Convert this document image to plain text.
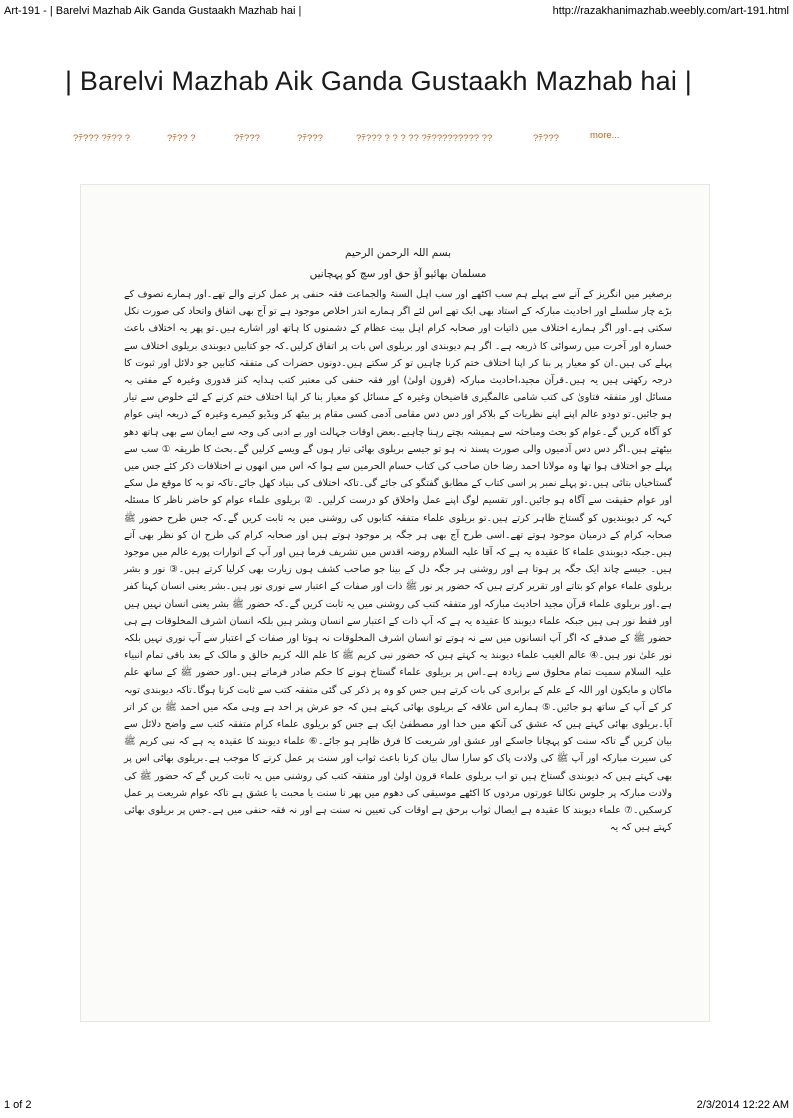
Art-191 - | Barelvi Mazhab Aik Ganda Gustaakh Mazhab hai |	http://razakhanimazhab.weebly.com/art-191.html
| Barelvi Mazhab Aik Ganda Gustaakh Mazhab hai |
?ﾃ??? ?ﾃ?? ?	?ﾃ?? ?	?ﾃ???	?ﾃ???	?ﾃ??? ? ? ? ?? ?ﾃ????????? ??	?ﾃ???	more...
بسم اللہ الرحمن الرحیم
مسلمان بھائیو آؤ حق اور سچ کو پہچانیں

برصغیر میں انگریز کے آنے سے پہلے ہم سب اکٹھے اور سب اہل السنۃ والجماعت فقہ حنفی پر عمل کرنے والے تھے۔اور ہمارے تصوف کے بڑے چار سلسلے اور احادیث مبارکہ کے استاد بھی ایک تھے اس لئے اگر ہمارے اندر اخلاص موجود ہے تو آج بھی اتفاق واتحاد کی صورت نکل سکتی ہے۔اور اگر ہمارے اختلاف میں ذاتیات اور صحابہ کرام اہل بیت عظام کے دشمنوں کا ہاتھ اور اشارے ہیں۔تو پھر یہ اختلاف باعث خسارہ اور آخرت میں رسوائی کا ذریعہ ہے۔ اگر ہم دیوبندی اور بریلوی اس بات پر اتفاق کرلیں۔کہ جو کتابیں دیوبندی بریلوی اختلاف سے پہلے کی ہیں۔ان کو معیار پر بنا کر اپنا اختلاف ختم کرنا چاہیں تو کر سکتے ہیں۔دونوں حضرات کی متفقہ کتابیں جو دلائل اور ثبوت کا درجہ رکھتی ہیں یہ ہیں۔قرآن مجید،احادیث مبارکہ (قرون اولیٰ) اور فقہ حنفی کی معتبر کتب ہدایہ کنز قدوری وغیرہ کے مفتی بہ مسائل اور متفقہ فتاویٰ کی کتب شامی عالمگیری قاضیخان وغیرہ کے مسائل کو معیار بنا کر اپنا اختلاف ختم کرنے کے لئے خلوص سے تیار ہو جائیں۔تو دودو عالم اپنے اپنے نظریات کے بلاکر اور دس دس مقامی آدمی کسی مقام پر بیٹھ کر ویڈیو کیمرے وغیرہ کے ذریعہ اپنی عوام کو آگاہ کریں گے۔عوام کو بحث ومباحثہ سے ہمیشہ بچتے رہنا چاہیے۔بعض اوقات جہالت اور بے ادبی کی وجہ سے ایمان سے بھی ہاتھ دھو بیٹھتے ہیں۔اگر دس دس آدمیوں والی صورت پسند نہ ہو تو جیسے بریلوی بھائی تیار ہوں گے ویسے کرلیں گے۔بحث کا طریقہ ① سب سے پہلے جو اختلاف ہوا تھا وہ مولانا احمد رضا خان صاحب کی کتاب حسام الحرمین سے ہوا کہ اس میں انھوں نے اختلافات ذکر کئے جس میں گستاخیاں بتائی ہیں۔تو پہلے نمبر پر اسی کتاب کے مطابق گفتگو کی جائے گی۔تاکہ اختلاف کی بنیاد کھل جائے۔تاکہ تو بہ کا موقع مل سکے اور عوام حقیقت سے آگاہ ہو جائیں۔اور تقسیم لوگ اپنے عمل واخلاق کو درست کرلیں۔ ② بریلوی علماء عوام کو حاضر ناظر کا مسئلہ کہہ کر دیوبندیوں کو گستاخ ظاہر کرتے ہیں۔تو بریلوی علماء متفقہ کتابوں کی روشنی میں یہ ثابت کریں گے۔کہ جس طرح حضور ﷺ صحابہ کرام کے درمیان موجود ہوتے تھے۔اسی طرح آج بھی ہر جگہ پر موجود ہوتے ہیں اور صحابہ کرام کی طرح ان کو نظر بھی آتے ہیں۔جبکہ دیوبندی علماء کا عقیدہ یہ ہے کہ آقا علیہ السلام روضہ اقدس میں تشریف فرما ہیں اور آپ کے انوارات پورے عالم میں موجود ہیں۔ جیسے چاند ایک جگہ پر ہوتا ہے اور روشنی ہر جگہ دل کے بینا جو صاحب کشف ہوں زیارت بھی کرلیا کرتے ہیں۔③ نور و بشر بریلوی علماء عوام کو بتاتے اور تقریر کرتے ہیں کہ حضور پر نور ﷺ ذات اور صفات کے اعتبار سے نوری نور ہیں۔بشر یعنی انسان کہنا کفر ہے۔اور بریلوی علماء قرآن مجید احادیث مبارکہ اور متفقہ کتب کی روشنی میں یہ ثابت کریں گے۔کہ حضور ﷺ بشر یعنی انسان نہیں ہیں اور فقط نور ہی ہیں جبکہ علماء دیوبند کا عقیدہ یہ ہے کہ آپ ذات کے اعتبار سے انسان وبشر ہیں بلکہ انسان اشرف المخلوقات ہے ہی حضور ﷺ کے صدقے کہ اگر آپ انسانوں میں سے نہ ہوتے تو انسان اشرف المخلوقات نہ ہوتا اور صفات کے اعتبار سے آپ نوری نہیں بلکہ نور علیٰ نور ہیں۔④ عالم الغیب علماء دیوبند یہ کہتے ہیں کہ حضور نبی کریم ﷺ کا علم اللہ کریم خالق و مالک کے بعد باقی تمام انبیاء علیہ السلام سمیت تمام مخلوق سے زیادہ ہے۔اس پر بریلوی علماء گستاخ ہونے کا حکم صادر فرماتے ہیں۔اور حضور ﷺ کے ساتھ علم ماکان و مایکون اور اللہ کے علم کے برابری کی بات کرتے ہیں جس کو وہ پر ذکر کی گئی متفقہ کتب سے ثابت کرنا ہوگا۔تاکہ دیوبندی توبہ کر کے آپ کے ساتھ ہو جائیں۔⑤ ہمارے اس علاقہ کے بریلوی بھائی کہتے ہیں کہ جو عرش پر احد ہے وہی مکہ میں احمد ﷺ بن کر اتر آیا۔بریلوی بھائی کہتے ہیں کہ عشق کی آنکھ میں خدا اور مصطفیٰ ایک ہے جس کو بریلوی علماء کرام متفقہ کتب سے واضح دلائل سے بیان کریں گے تاکہ سنت کو پہچانا جاسکے اور عشق اور شریعت کا فرق ظاہر ہو جائے۔⑥ علماء دیوبند کا عقیدہ یہ ہے کہ نبی کریم ﷺ کی سیرت مبارکہ اور آپ ﷺ کی ولادت پاک کو سارا سال بیان کرنا باعث ثواب اور سنت پر عمل کرنے کا موجب ہے۔بریلوی بھائی اس پر بھی کہتے ہیں کہ دیوبندی گستاخ ہیں تو اب بریلوی علماء قرون اولیٰ اور متفقہ کتب کی روشنی میں یہ ثابت کریں گے کہ حضور ﷺ کی ولادت مبارکہ پر جلوس نکالنا عورتوں مردوں کا اکٹھے موسیقی کی دھوم میں پھر نا سنت یا محبت یا عشق ہے تاکہ عوام شریعت پر عمل کرسکیں۔⑦ علماء دیوبند کا عقیدہ ہے ایصال ثواب برحق ہے اوقات کی تعیین نہ سنت ہے اور نہ فقہ حنفی میں ہے۔جس پر بریلوی بھائی کہتے ہیں کہ یہ

1 of 2	2/3/2014 12:22 AM
